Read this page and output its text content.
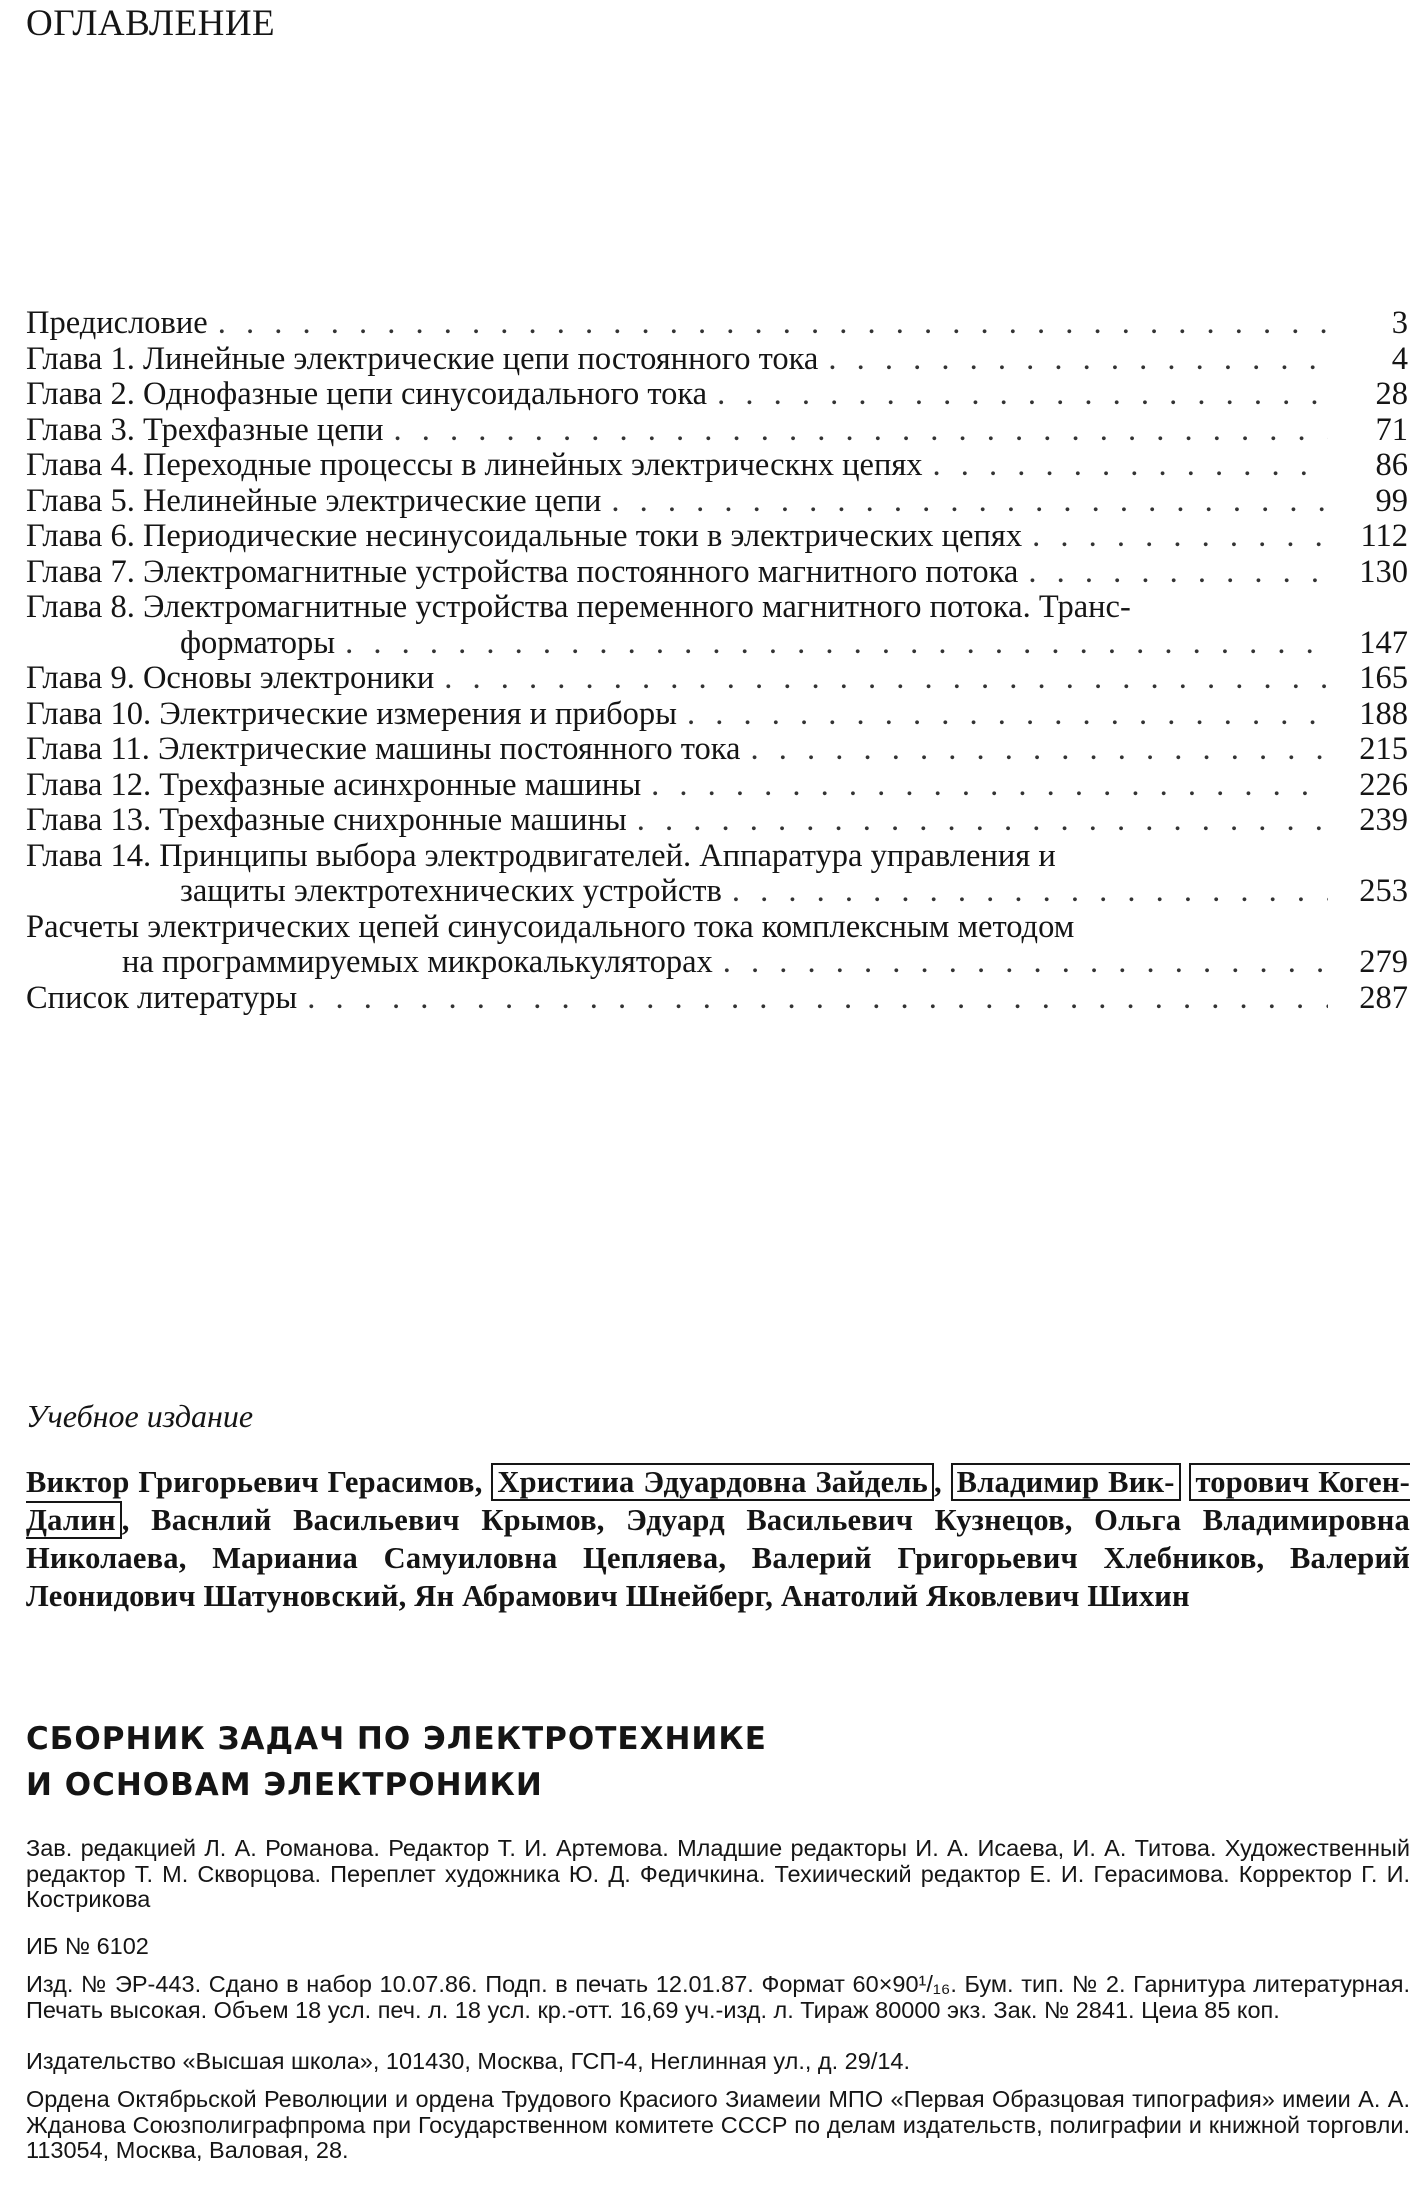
ОГЛАВЛЕНИЕ
Предисловие . . .	3
Глава 1. Линейные электрические цепи постоянного тока . . .	4
Глава 2. Однофазные цепи синусоидального тока . . .	28
Глава 3. Трехфазные цепи . . .	71
Глава 4. Переходные процессы в линейных электрическнх цепях . . .	86
Глава 5. Нелинейные электрические цепи . . .	99
Глава 6. Периодические несинусоидальные токи в электрических цепях . . .	112
Глава 7. Электромагнитные устройства постоянного магнитного потока . . .	130
Глава 8. Электромагнитные устройства переменного магнитного потока. Транс-
форматоры . . .	147
Глава 9. Основы электроники . . .	165
Глава 10. Электрические измерения и приборы . . .	188
Глава 11. Электрические машины постоянного тока . . .	215
Глава 12. Трехфазные асинхронные машины . . .	226
Глава 13. Трехфазные снихронные машины . . .	239
Глава 14. Принципы выбора электродвигателей. Аппаратура управления и
защиты электротехнических устройств . . .	253
Расчеты электрических цепей синусоидального тока комплексным методом
на программируемых микрокалькуляторах . . .	279
Список литературы . . .	287

Учебное издание

Виктор Григорьевич Герасимов, Христииа Эдуардовна Зайдель , Владимир Вик- торович Коген-Далин , Васнлий Васильевич Крымов, Эдуард Васильевич Кузнецов, Ольга Владимировна Николаева, Марианиа Самуиловна Цепляева, Валерий Григорьевич Хлебников, Валерий Леонидович Шатуновский, Ян Абрамович Шнейберг, Анатолий Яковлевич Шихин

СБОРНИК ЗАДАЧ ПО ЭЛЕКТРОТЕХНИКЕ
И ОСНОВАМ ЭЛЕКТРОНИКИ

Зав. редакцией Л. А. Романова. Редактор Т. И. Артемова. Младшие редакторы И. А. Исаева, И. А. Титова. Художественный редактор Т. М. Скворцова. Переплет художника Ю. Д. Федичкина. Техиический редактор Е. И. Герасимова. Корректор Г. И. Кострикова

ИБ № 6102

Изд. № ЭР-443. Сдано в набор 10.07.86. Подп. в печать 12.01.87. Формат 60×90¹/₁₆. Бум. тип. № 2. Гарнитура литературная. Печать высокая. Объем 18 усл. печ. л. 18 усл. кр.-отт. 16,69 уч.-изд. л. Тираж 80000 экз. Зак. № 2841. Цеиа 85 коп.

Издательство «Высшая школа», 101430, Москва, ГСП-4, Неглинная ул., д. 29/14.

Ордена Октябрьской Революции и ордена Трудового Красиого Зиамеии МПО «Первая Образцовая типография» имеии А. А. Жданова Союзполиграфпрома при Государственном комитете СССР по делам издательств, полиграфии и книжной торговли. 113054, Москва, Валовая, 28.
